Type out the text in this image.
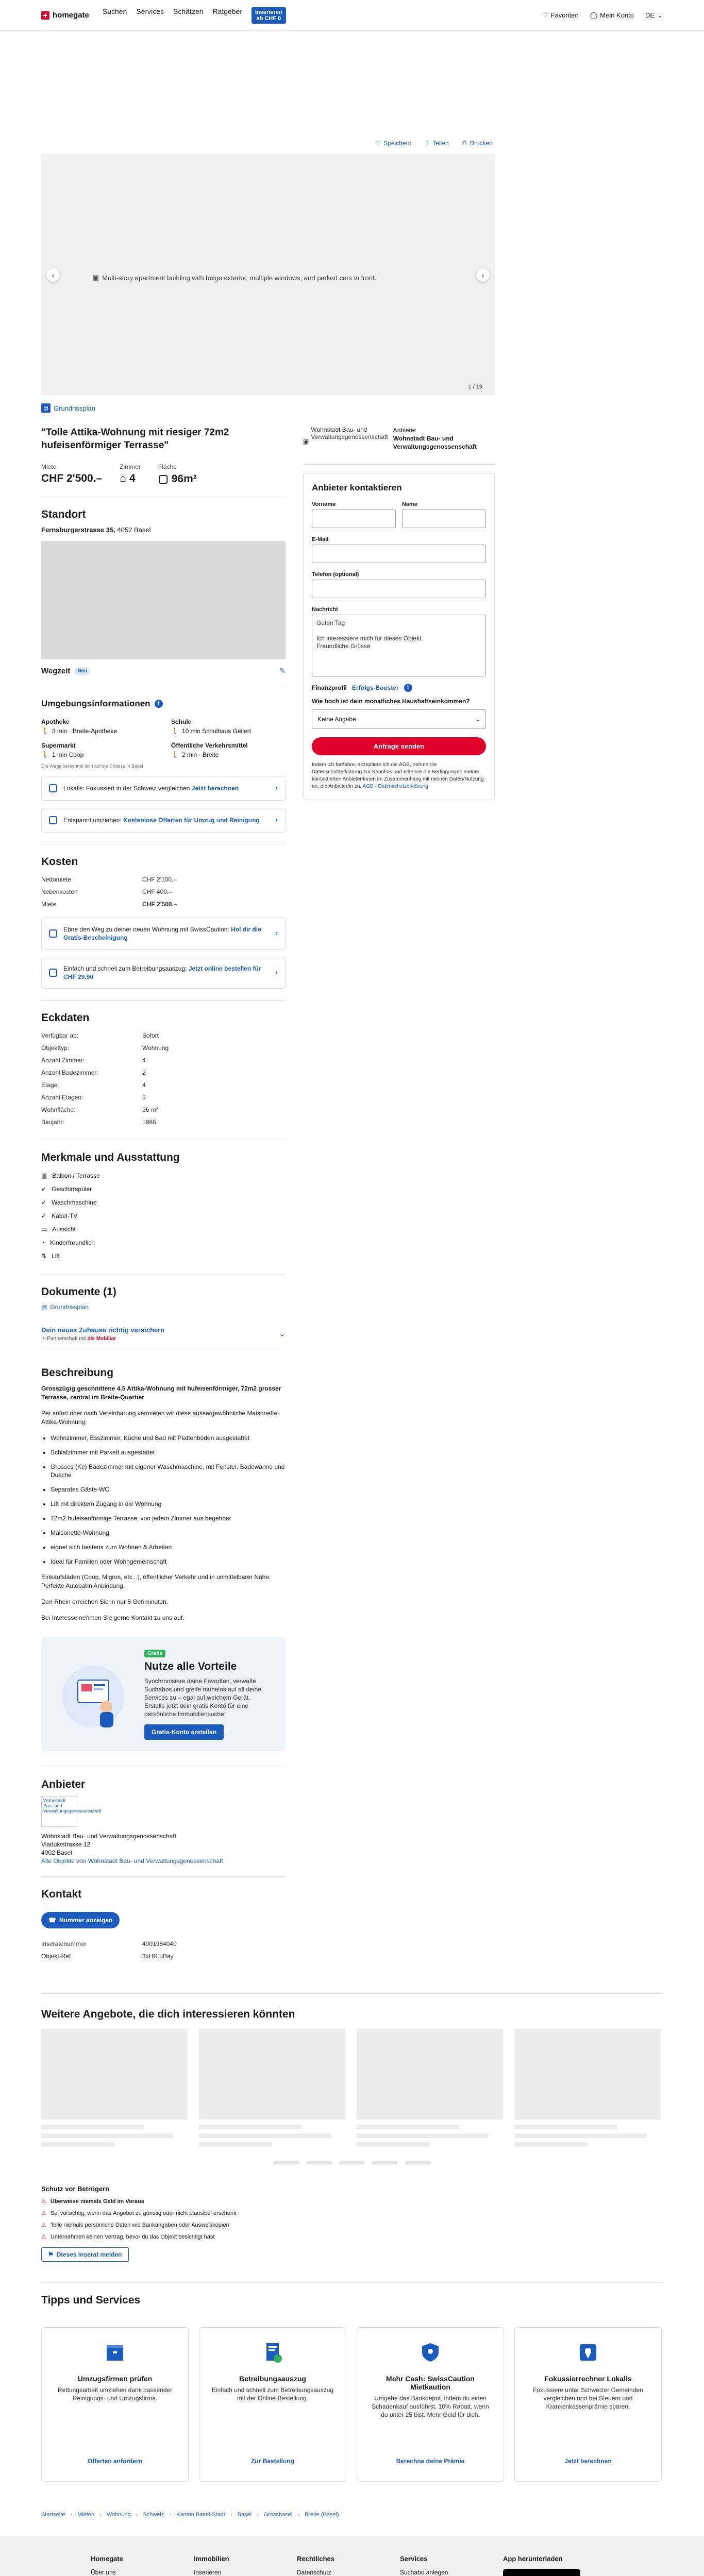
homegate Suchen Services Schätzen Ratgeber Inserieren
ab CHF 0	♡ Favoriten ◯ Mein Konto DE ⌄
♡ Speichern ⇪ Teilen ⎙ Drucken
▣ Multi-story apartment building with beige exterior, multiple windows, and parked cars in front.
‹	›
1 / 19
▤ Grundrissplan
"Tolle Attika-Wohnung mit riesiger 72m2 hufeisenförmiger Terrasse"
Miete
CHF 2'500.–
Zimmer
⌂ 4
Fläche
▢ 96m²
Standort
Fernsburgerstrasse 35, 4052 Basel
Wegzeit	Neu	✎
Umgebungsinformationen	i
Apotheke
🚶 3 min · Breite-Apotheke
Schule
🚶 10 min Schulhaus Gellert
Supermarkt
🚶 1 min Coop
Öffentliche Verkehrsmittel
🚶 2 min · Breite
Die Wege berechnet sich auf die Strasse in Basel
Lokalis: Fokussiert in der Schweiz vergleichen Jetzt berechnen	›
Entspannt umziehen: Kostenlose Offerten für Umzug und Reinigung	›
Kosten
Nettomiete	CHF 2'100.–
Nebenkosten	CHF 400.–
Miete	CHF 2'500.–
Ebne den Weg zu deiner neuen Wohnung mit SwissCaution: Hol dir die Gratis-Bescheinigung	›
Einfach und schnell zum Betreibungsauszug: Jetzt online bestellen für CHF 29.90	›
Eckdaten
Verfügbar ab:	Sofort
Objekttyp:	Wohnung
Anzahl Zimmer:	4
Anzahl Badezimmer:	2
Etage:	4
Anzahl Etagen:	5
Wohnfläche:	96 m²
Baujahr:	1986
Merkmale und Ausstattung
▥ Balkon / Terrasse
✓ Geschirrspüler
✓ Waschmaschine
✓ Kabel-TV
▭ Aussicht
◔ Kinderfreundlich
⇅ Lift
Dokumente (1)
▤ Grundrissplan
Dein neues Zuhause richtig versichern
In Partnerschaft mit die Mobiliar
⌄
Beschreibung

Grosszügig geschnittene 4.5 Attika-Wohnung mit hufeisenförmiger, 72m2 grosser Terrasse, zentral im Breite-Quartier

Per sofort oder nach Vereinbarung vermieten wir diese aussergewöhnliche Maisonette-Attika-Wohnung:

• Wohnzimmer, Esszimmer, Küche und Bad mit Plattenböden ausgestattet
• Schlafzimmer mit Parkett ausgestattet
• Grosses (Ke) Badezimmer mit eigener Waschmaschine, mit Fenster, Badewanne und Dusche
• Separates Gäste-WC
• Lift mit direktem Zugang in die Wohnung
• 72m2 hufeisenförmige Terrasse, von jedem Zimmer aus begehbar
• Maisonette-Wohnung
• eignet sich bestens zum Wohnen & Arbeiten
• Ideal für Familien oder Wohngemeinschaft

Einkaufsläden (Coop, Migros, etc...), öffentlicher Verkehr und in unmittelbarer Nähe. Perfekte Autobahn Anbindung.

Den Rhein erreichen Sie in nur 5 Gehminuten.

Bei Interesse nehmen Sie gerne Kontakt zu uns auf.

Gratis
Nutze alle Vorteile

Synchronisiere deine Favoriten, verwalte Suchabos und greife mühelos auf all deine Services zu – egal auf welchem Gerät. Erstelle jetzt dein gratis Konto für eine persönliche Immobiliensuche!

Gratis-Konto erstellen
Anbieter
Wohnstadt Bau- und Verwaltungsgenossenschaft
Wohnstadt Bau- und Verwaltungsgenossenschaft
Viaduktstrasse 12
4002 Basel
Alle Objekte von Wohnstadt Bau- und Verwaltungsgenossenschaft
Kontakt
☎ Nummer anzeigen
Inseratenummer	4001984040
Objekt-Ref.	3xHR.uBay
▣
Wohnstadt Bau- und Verwaltungsgenossenschaft
Anbieter
Wohnstadt Bau- und Verwaltungsgenossenschaft
Anbieter kontaktieren
Vorname	Name
E-Mail
Telefon (optional)
Nachricht
Guten Tag

Ich interessiere mich für dieses Objekt.
Freundliche Grüsse
Finanzprofil Erfolgs-Booster	i
Wie hoch ist dein monatliches Haushaltseinkommen?
Keine Angabe	⌄
Anfrage senden
Indem ich fortfahre, akzeptiere ich die AGB, nehme die Datenschutzerklärung zur Kenntnis und erkenne die Bedingungen meiner kontaktierten Anbieter/innen im Zusammenhang mit meinen Daten/Nutzung an, die Anbieter/in zu. AGB · Datenschutzerklärung
Weitere Angebote, die dich interessieren könnten
Schutz vor Betrügern
⚠ Überweise niemals Geld im Voraus
⚠ Sei vorsichtig, wenn das Angebot zu günstig oder nicht plausibel erscheint
⚠ Teile niemals persönliche Daten wie Bankangaben oder Ausweiskopien
⚠ Unternehmen keinen Vertrag, bevor du das Objekt besichtigt hast
⚑ Dieses Inserat melden
Tipps und Services
Umzugsfirmen prüfen

Rettungsarbeit umziehen dank passender Reinigungs- und Umzugsfirma.

Offerten anfordern
Betreibungsauszug

Einfach und schnell zum Betreibungsauszug mit der Online-Bestellung.

Zur Bestellung
Mehr Cash: SwissCaution Mietkaution

Umgehe das Bankdepot, indem du einen Schadenkauf ausführst. 10% Rabatt, wenn du unter 25 bist. Mehr Geld für dich.

Berechne deine Prämie
Fokussierrechner Lokalis

Fokussiere unter Schweizer Gemeinden vergleichen und bei Steuern und Krankenkassenprämie sparen.

Jetzt berechnen
Startseite › Mieten › Wohnung › Schweiz › Kanton Basel-Stadt › Basel › Grossbasel › Breite (Basel)
Homegate
Über uns
Immobilien
Inserieren
Rechtliches
Datenschutz
Services
Suchabo anlegen
App herunterladen
